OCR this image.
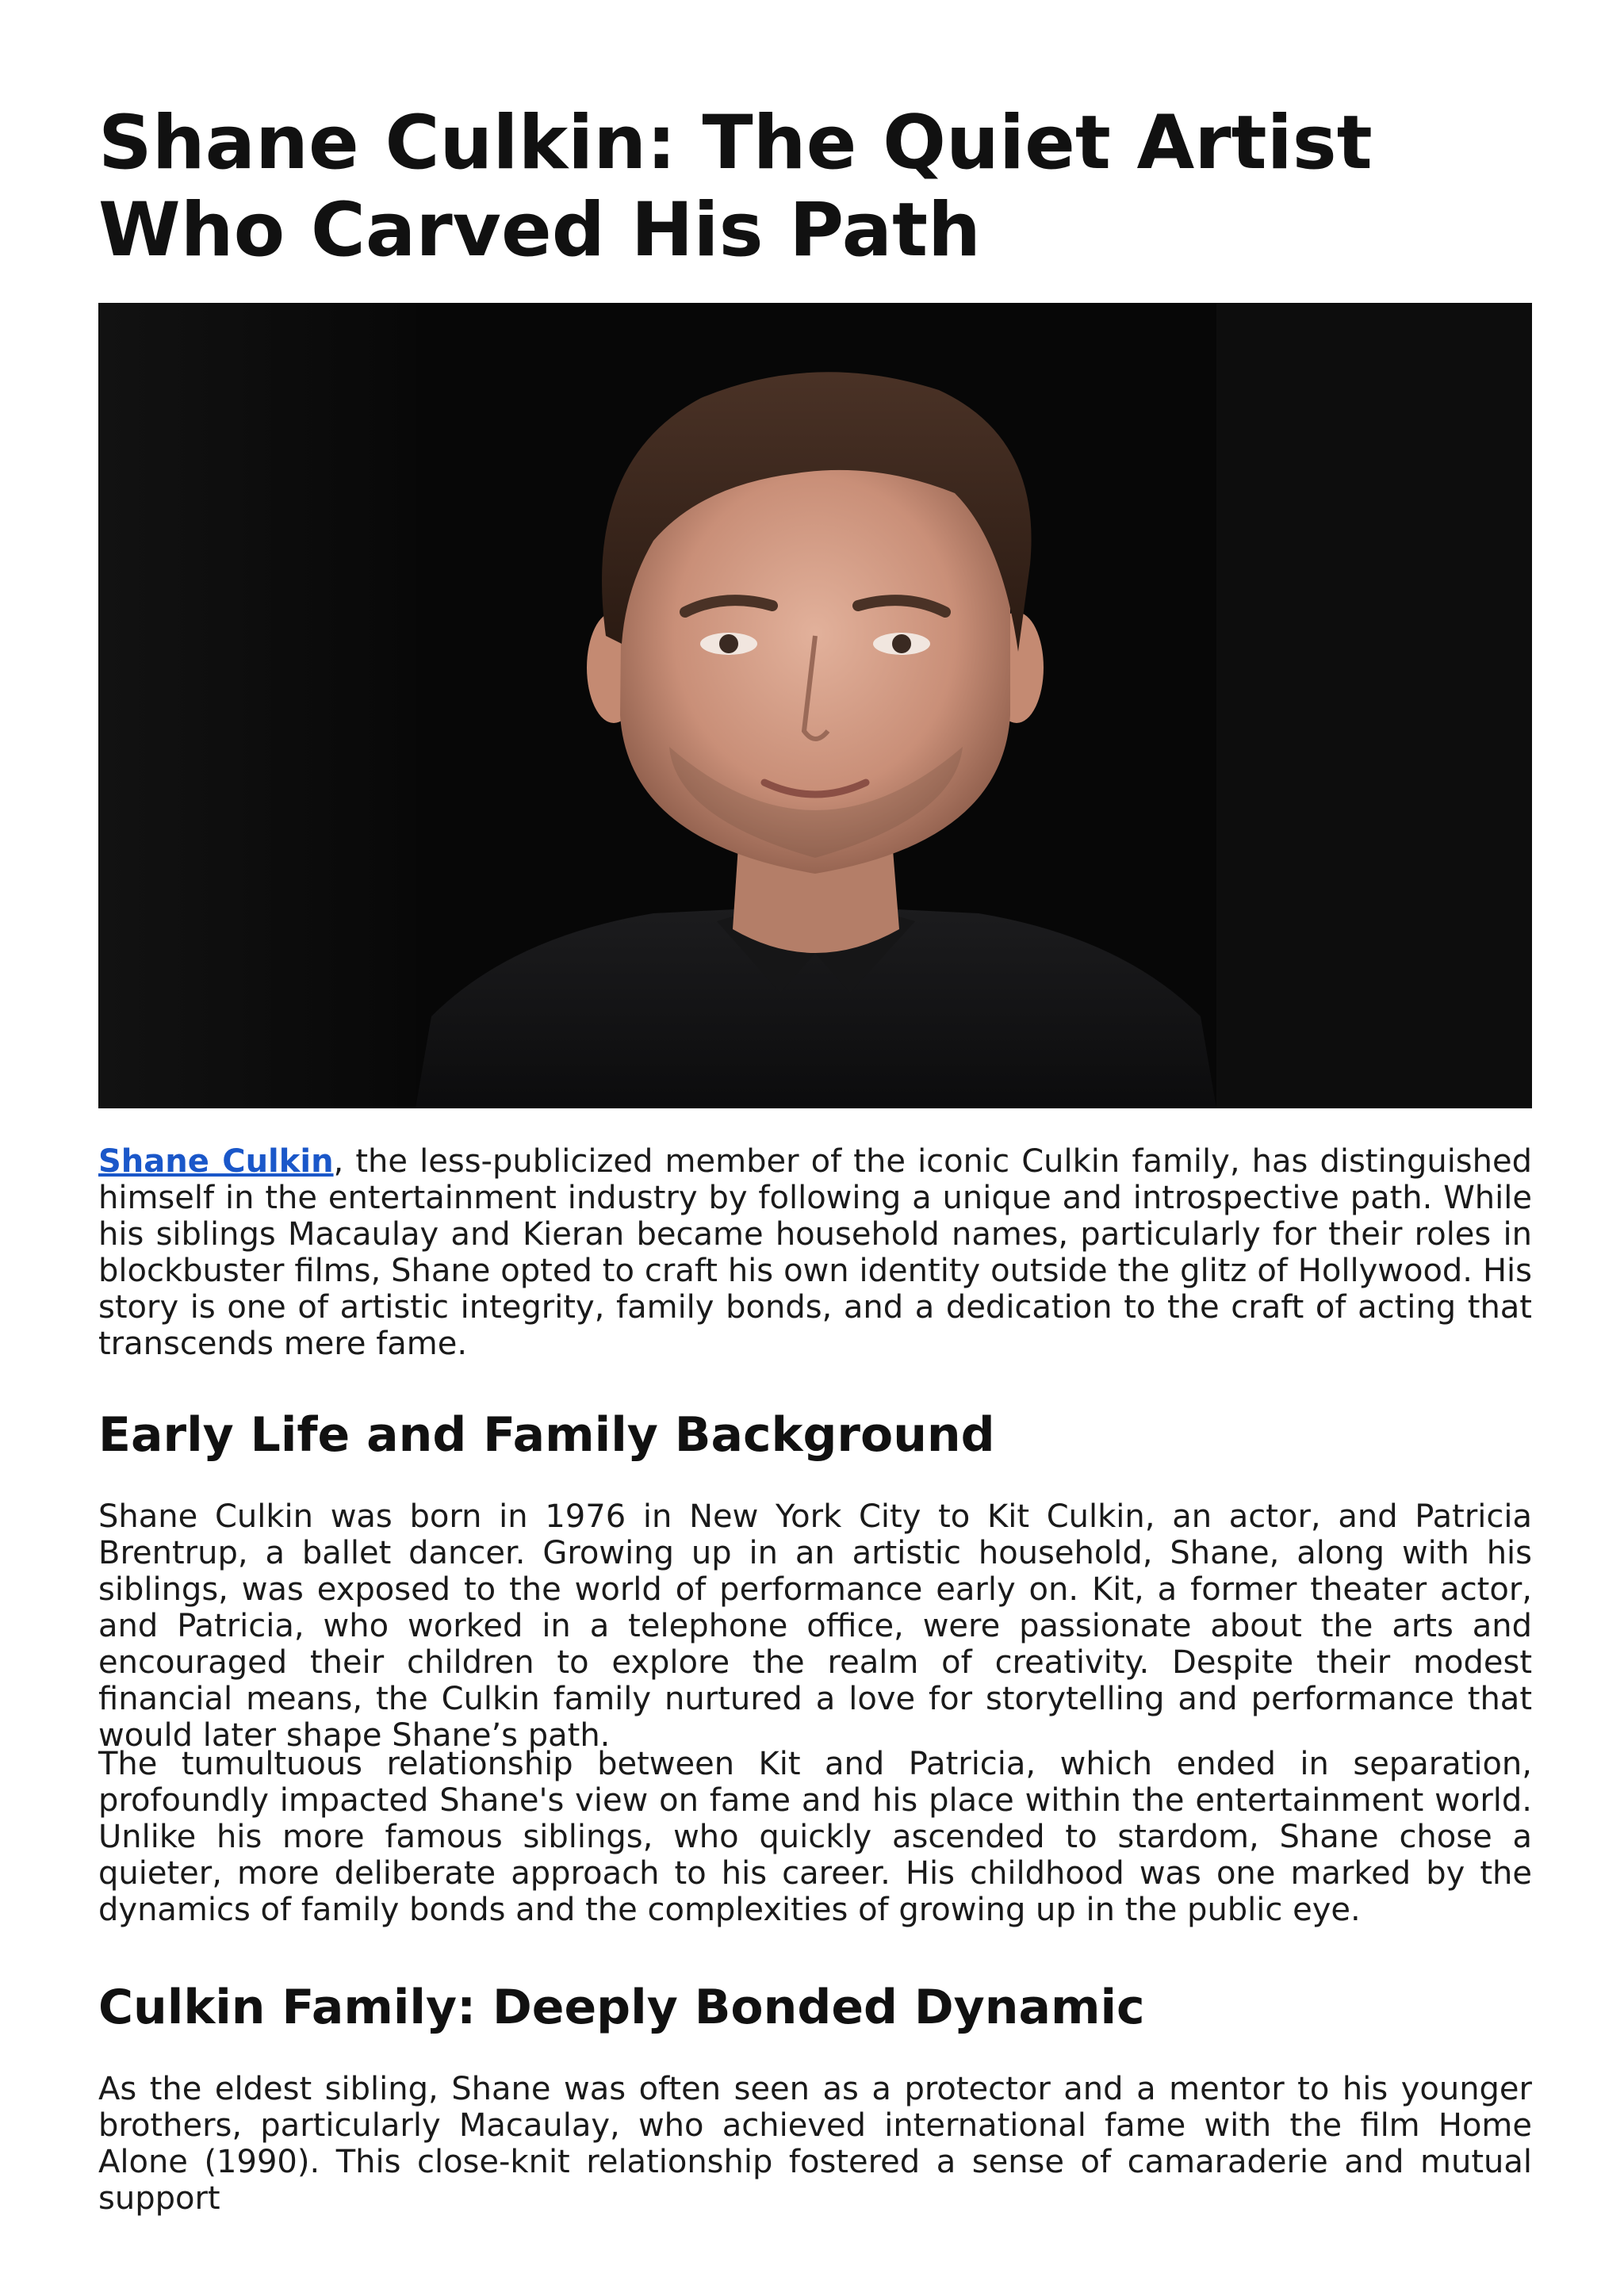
Shane Culkin: The Quiet Artist Who Carved His Path

Shane Culkin, the less-publicized member of the iconic Culkin family, has distinguished himself in the entertainment industry by following a unique and introspective path. While his siblings Macaulay and Kieran became household names, particularly for their roles in blockbuster films, Shane opted to craft his own identity outside the glitz of Hollywood. His story is one of artistic integrity, family bonds, and a dedication to the craft of acting that transcends mere fame.

Early Life and Family Background

Shane Culkin was born in 1976 in New York City to Kit Culkin, an actor, and Patricia Brentrup, a ballet dancer. Growing up in an artistic household, Shane, along with his siblings, was exposed to the world of performance early on. Kit, a former theater actor, and Patricia, who worked in a telephone office, were passionate about the arts and encouraged their children to explore the realm of creativity. Despite their modest financial means, the Culkin family nurtured a love for storytelling and performance that would later shape Shane’s path.

The tumultuous relationship between Kit and Patricia, which ended in separation, profoundly impacted Shane's view on fame and his place within the entertainment world. Unlike his more famous siblings, who quickly ascended to stardom, Shane chose a quieter, more deliberate approach to his career. His childhood was one marked by the dynamics of family bonds and the complexities of growing up in the public eye.

Culkin Family: Deeply Bonded Dynamic

As the eldest sibling, Shane was often seen as a protector and a mentor to his younger brothers, particularly Macaulay, who achieved international fame with the film Home Alone (1990). This close-knit relationship fostered a sense of camaraderie and mutual support
